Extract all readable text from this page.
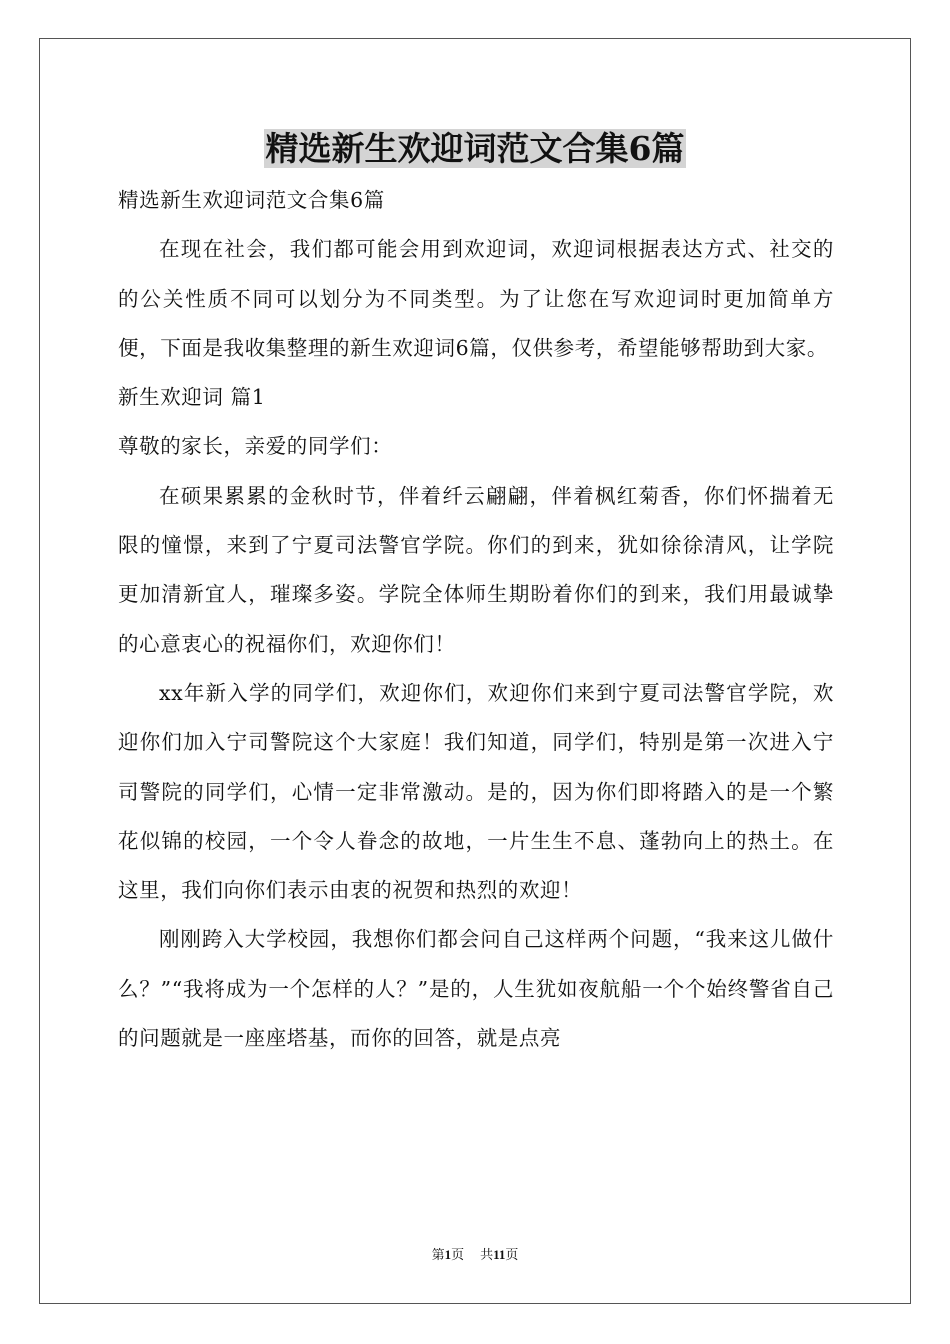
精选新生欢迎词范文合集6篇

精选新生欢迎词范文合集6篇

在现在社会，我们都可能会用到欢迎词，欢迎词根据表达方式、社交的的公关性质不同可以划分为不同类型。为了让您在写欢迎词时更加简单方便，下面是我收集整理的新生欢迎词6篇，仅供参考，希望能够帮助到大家。

新生欢迎词 篇1

尊敬的家长，亲爱的同学们：

在硕果累累的金秋时节，伴着纤云翩翩，伴着枫红菊香，你们怀揣着无限的憧憬，来到了宁夏司法警官学院。你们的到来，犹如徐徐清风，让学院更加清新宜人，璀璨多姿。学院全体师生期盼着你们的到来，我们用最诚挚的心意衷心的祝福你们，欢迎你们！

xx年新入学的同学们，欢迎你们，欢迎你们来到宁夏司法警官学院，欢迎你们加入宁司警院这个大家庭！我们知道，同学们，特别是第一次进入宁司警院的同学们，心情一定非常激动。是的，因为你们即将踏入的是一个繁花似锦的校园，一个令人眷念的故地，一片生生不息、蓬勃向上的热土。在这里，我们向你们表示由衷的祝贺和热烈的欢迎！

刚刚跨入大学校园，我想你们都会问自己这样两个问题，“我来这儿做什么？”“我将成为一个怎样的人？”是的，人生犹如夜航船一个个始终警省自己的问题就是一座座塔基，而你的回答，就是点亮

第1页 共11页
